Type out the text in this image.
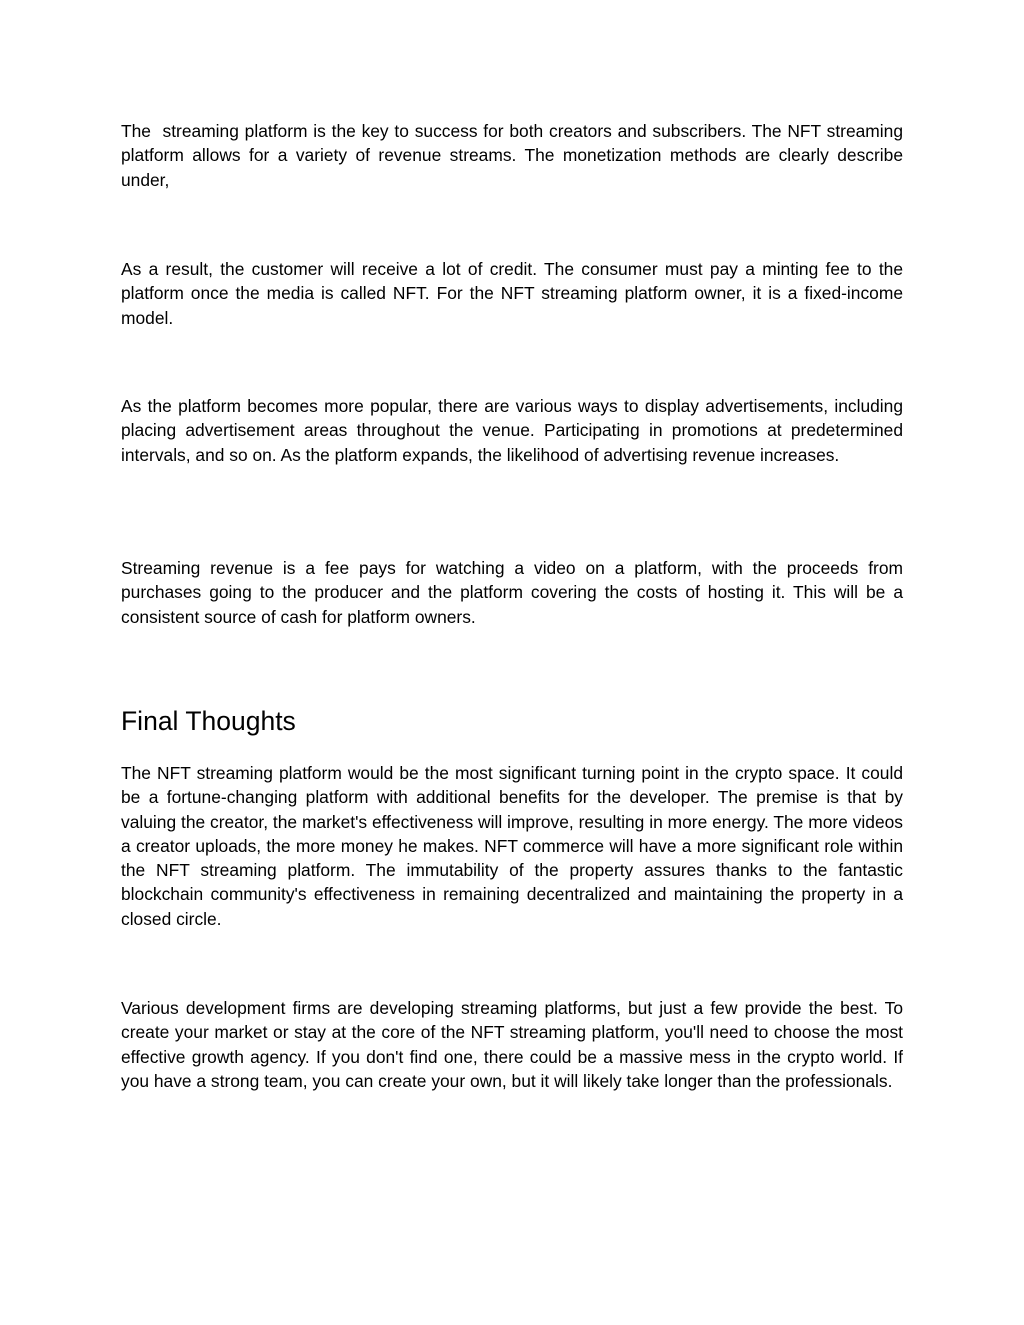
The  streaming platform is the key to success for both creators and subscribers. The NFT streaming platform allows for a variety of revenue streams. The monetization methods are clearly describe under,

As a result, the customer will receive a lot of credit. The consumer must pay a minting fee to the platform once the media is called NFT. For the NFT streaming platform owner, it is a fixed-income model.

As the platform becomes more popular, there are various ways to display advertisements, including placing advertisement areas throughout the venue. Participating in promotions at predetermined intervals, and so on. As the platform expands, the likelihood of advertising revenue increases.

Streaming revenue is a fee pays for watching a video on a platform, with the proceeds from purchases going to the producer and the platform covering the costs of hosting it. This will be a consistent source of cash for platform owners.

Final Thoughts

The NFT streaming platform would be the most significant turning point in the crypto space. It could be a fortune-changing platform with additional benefits for the developer. The premise is that by valuing the creator, the market's effectiveness will improve, resulting in more energy. The more videos a creator uploads, the more money he makes. NFT commerce will have a more significant role within the NFT streaming platform. The immutability of the property assures thanks to the fantastic blockchain community's effectiveness in remaining decentralized and maintaining the property in a closed circle.

Various development firms are developing streaming platforms, but just a few provide the best. To create your market or stay at the core of the NFT streaming platform, you'll need to choose the most effective growth agency. If you don't find one, there could be a massive mess in the crypto world. If you have a strong team, you can create your own, but it will likely take longer than the professionals.
